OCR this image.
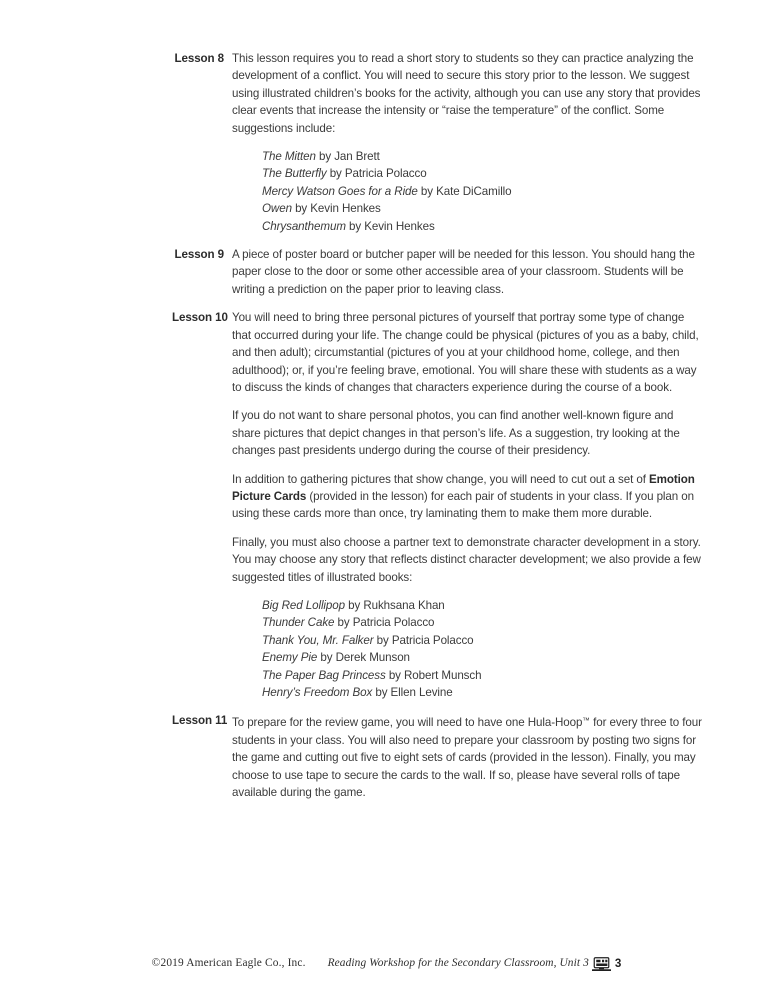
Lesson 8 This lesson requires you to read a short story to students so they can practice analyzing the development of a conflict. You will need to secure this story prior to the lesson. We suggest using illustrated children’s books for the activity, although you can use any story that provides clear events that increase the intensity or “raise the temperature” of the conflict. Some suggestions include:

The Mitten by Jan Brett
The Butterfly by Patricia Polacco
Mercy Watson Goes for a Ride by Kate DiCamillo
Owen by Kevin Henkes
Chrysanthemum by Kevin Henkes
Lesson 9 A piece of poster board or butcher paper will be needed for this lesson. You should hang the paper close to the door or some other accessible area of your classroom. Students will be writing a prediction on the paper prior to leaving class.

Lesson 10 You will need to bring three personal pictures of yourself that portray some type of change that occurred during your life. The change could be physical (pictures of you as a baby, child, and then adult); circumstantial (pictures of you at your childhood home, college, and then adulthood); or, if you’re feeling brave, emotional. You will share these with students as a way to discuss the kinds of changes that characters experience during the course of a book.

If you do not want to share personal photos, you can find another well-known figure and share pictures that depict changes in that person’s life. As a suggestion, try looking at the changes past presidents undergo during the course of their presidency.

In addition to gathering pictures that show change, you will need to cut out a set of Emotion Picture Cards (provided in the lesson) for each pair of students in your class. If you plan on using these cards more than once, try laminating them to make them more durable.

Finally, you must also choose a partner text to demonstrate character development in a story. You may choose any story that reflects distinct character development; we also provide a few suggested titles of illustrated books:

Big Red Lollipop by Rukhsana Khan
Thunder Cake by Patricia Polacco
Thank You, Mr. Falker by Patricia Polacco
Enemy Pie by Derek Munson
The Paper Bag Princess by Robert Munsch
Henry’s Freedom Box by Ellen Levine
Lesson 11 To prepare for the review game, you will need to have one Hula-Hoop™ for every three to four students in your class. You will also need to prepare your classroom by posting two signs for the game and cutting out five to eight sets of cards (provided in the lesson). Finally, you may choose to use tape to secure the cards to the wall. If so, please have several rolls of tape available during the game.

©2019 American Eagle Co., Inc. Reading Workshop for the Secondary Classroom, Unit 3 3
